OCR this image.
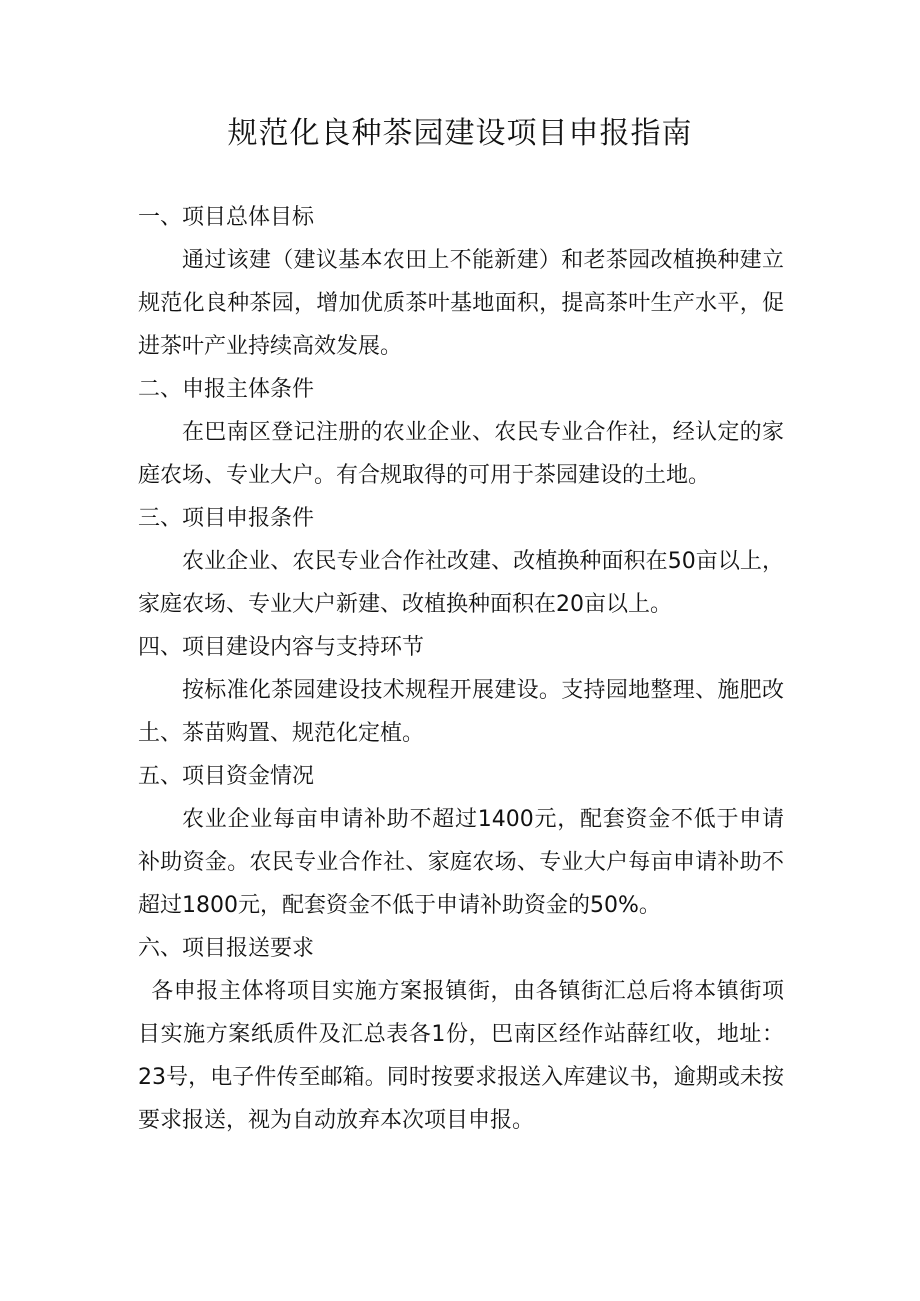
规范化良种茶园建设项目申报指南

一、项目总体目标

通过该建（建议基本农田上不能新建）和老茶园改植换种建立规范化良种茶园，增加优质茶叶基地面积，提高茶叶生产水平，促进茶叶产业持续高效发展。

二、申报主体条件

在巴南区登记注册的农业企业、农民专业合作社，经认定的家庭农场、专业大户。有合规取得的可用于茶园建设的土地。

三、项目申报条件

农业企业、农民专业合作社改建、改植换种面积在50亩以上，家庭农场、专业大户新建、改植换种面积在20亩以上。

四、项目建设内容与支持环节

按标准化茶园建设技术规程开展建设。支持园地整理、施肥改土、茶苗购置、规范化定植。

五、项目资金情况

农业企业每亩申请补助不超过1400元，配套资金不低于申请补助资金。农民专业合作社、家庭农场、专业大户每亩申请补助不超过1800元，配套资金不低于申请补助资金的50%。

六、项目报送要求

各申报主体将项目实施方案报镇街，由各镇街汇总后将本镇街项目实施方案纸质件及汇总表各1份，巴南区经作站薛红收，地址：23号，电子件传至邮箱。同时按要求报送入库建议书，逾期或未按要求报送，视为自动放弃本次项目申报。
